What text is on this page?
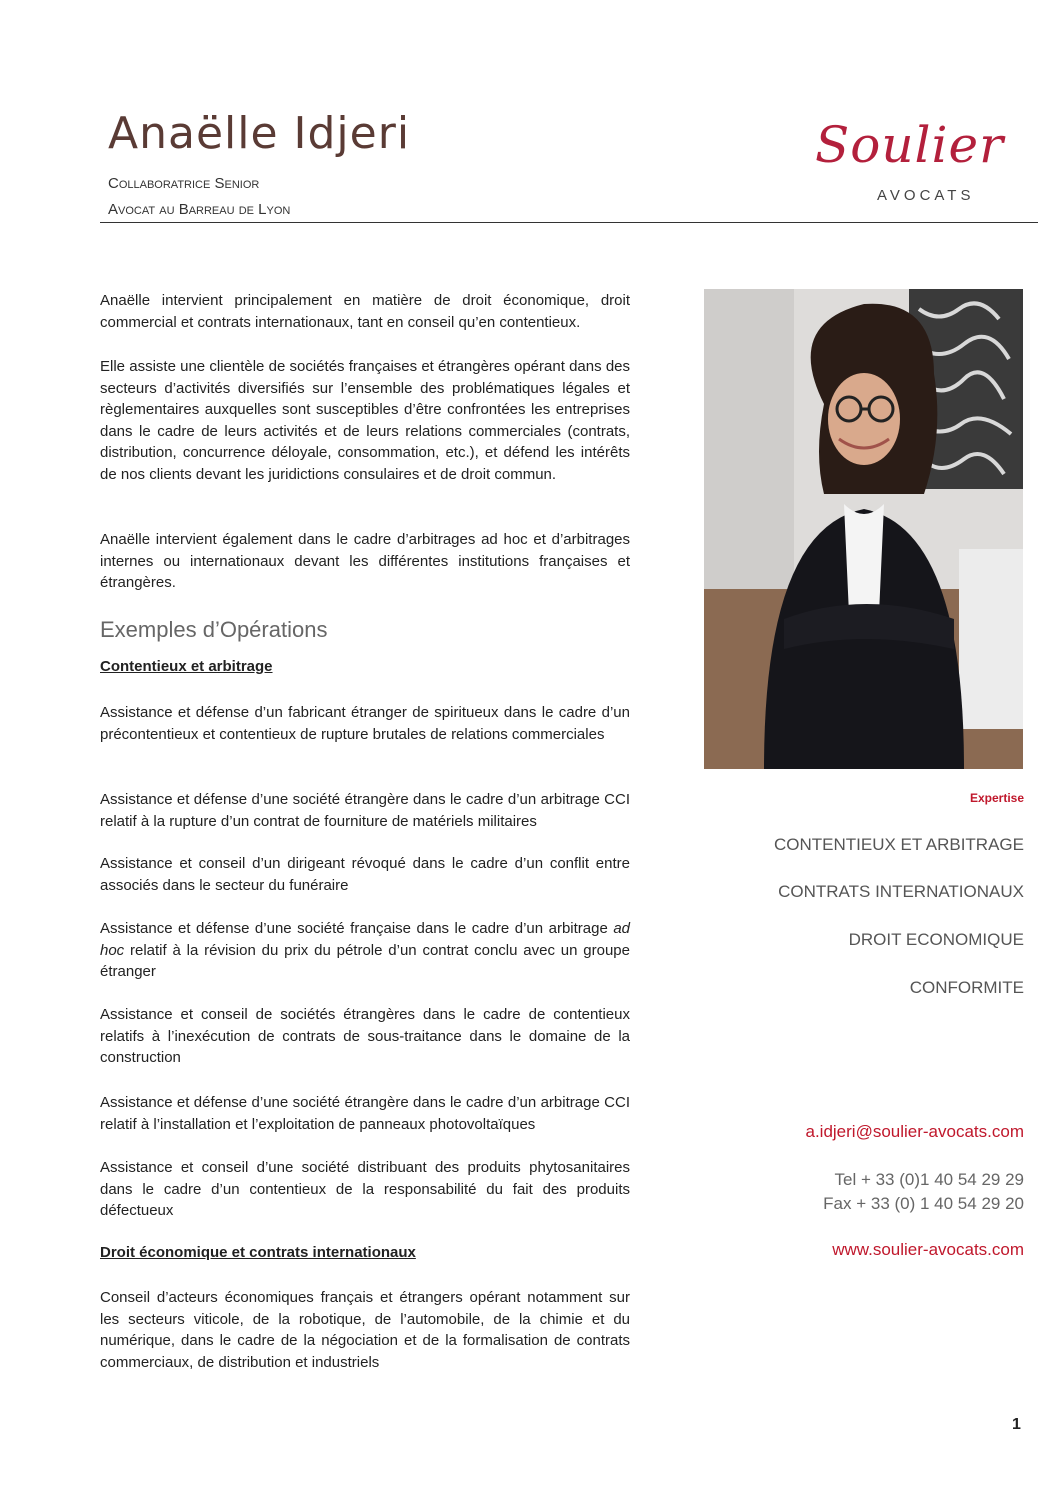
Anaëlle Idjeri
Collaboratrice Senior
Avocat au Barreau de Lyon
Soulier
AVOCATS

Anaëlle intervient principalement en matière de droit économique, droit commercial et contrats internationaux, tant en conseil qu’en contentieux.

Elle assiste une clientèle de sociétés françaises et étrangères opérant dans des secteurs d’activités diversifiés sur l’ensemble des problématiques légales et règlementaires auxquelles sont susceptibles d’être confrontées les entreprises dans le cadre de leurs activités et de leurs relations commerciales (contrats, distribution, concurrence déloyale, consommation, etc.), et défend les intérêts de nos clients devant les juridictions consulaires et de droit commun.

Anaëlle intervient également dans le cadre d’arbitrages ad hoc et d’arbitrages internes ou internationaux devant les différentes institutions françaises et étrangères.

Exemples d’Opérations
Contentieux et arbitrage
Assistance et défense d’un fabricant étranger de spiritueux dans le cadre d’un précontentieux et contentieux de rupture brutales de relations commerciales
Assistance et défense d’une société étrangère dans le cadre d’un arbitrage CCI relatif à la rupture d’un contrat de fourniture de matériels militaires
Assistance et conseil d’un dirigeant révoqué dans le cadre d’un conflit entre associés dans le secteur du funéraire
Assistance et défense d’une société française dans le cadre d’un arbitrage ad hoc relatif à la révision du prix du pétrole d’un contrat conclu avec un groupe étranger
Assistance et conseil de sociétés étrangères dans le cadre de contentieux relatifs à l’inexécution de contrats de sous-traitance dans le domaine de la construction
Assistance et défense d’une société étrangère dans le cadre d’un arbitrage CCI relatif à l’installation et l’exploitation de panneaux photovoltaïques
Assistance et conseil d’une société distribuant des produits phytosanitaires dans le cadre d’un contentieux de la responsabilité du fait des produits défectueux
Droit économique et contrats internationaux
Conseil d’acteurs économiques français et étrangers opérant notamment sur les secteurs viticole, de la robotique, de l’automobile, de la chimie et du numérique, dans le cadre de la négociation et de la formalisation de contrats commerciaux, de distribution et industriels
Expertise
CONTENTIEUX ET ARBITRAGE
CONTRATS INTERNATIONAUX
DROIT ECONOMIQUE
CONFORMITE
a.idjeri@soulier-avocats.com
Tel + 33 (0)1 40 54 29 29
Fax + 33 (0) 1 40 54 29 20
www.soulier-avocats.com
1
